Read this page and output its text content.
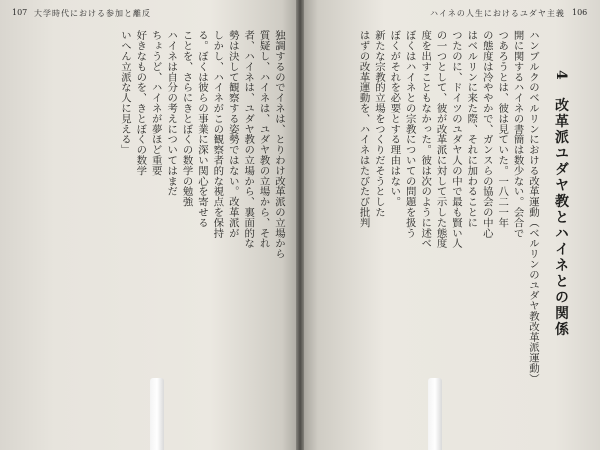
107 大学時代における参加と離反
独調するのでイネは、とりわけ改革派の立場から
質疑し、ハイネは、ユダヤ教の立場から、それ
者、ハイネは、ユダヤ教の立場から、裏面的な
勢は決して観察する姿勢ではない。改革派が
しかし、ハイネがこの観察者的な視点を保持
る。ぼくは彼らの事業に深い関心を寄せる
ことを、さらにきとぼくの数学の勉強
ハイネは自分の考えについてはまだ
ちょうど、ハイネが夢ほど重要
好きなものを、きとぼくの数学
いへん立派な人に見える」
ハイネの人生におけるユダヤ主義 106
4　改革派ユダヤ教とハイネとの関係
ハンブルクのベルリンにおける改革運動（ベルリンのユダヤ教改革派運動）
開に関するハイネの書簡は数少ない。会合で
つあろうとは、彼は見ていた。一八二一年
の態度は冷ややかで、ガンスらの協会の中心
はベルリンに来た際、それに加わることに
つたのに、ドイツのユダヤ人の中で最も賢い人
の一つとして、彼が改革派に対して示した態度
度を出すこともなかった。彼は次のように述べ
ぼくはハイネとの宗教についての問題を扱う
ぼくがそれを必要とする理由はない。
新たな宗教的立場をつくりだそうとした
はずの改革運動を、ハイネはたびたび批判
